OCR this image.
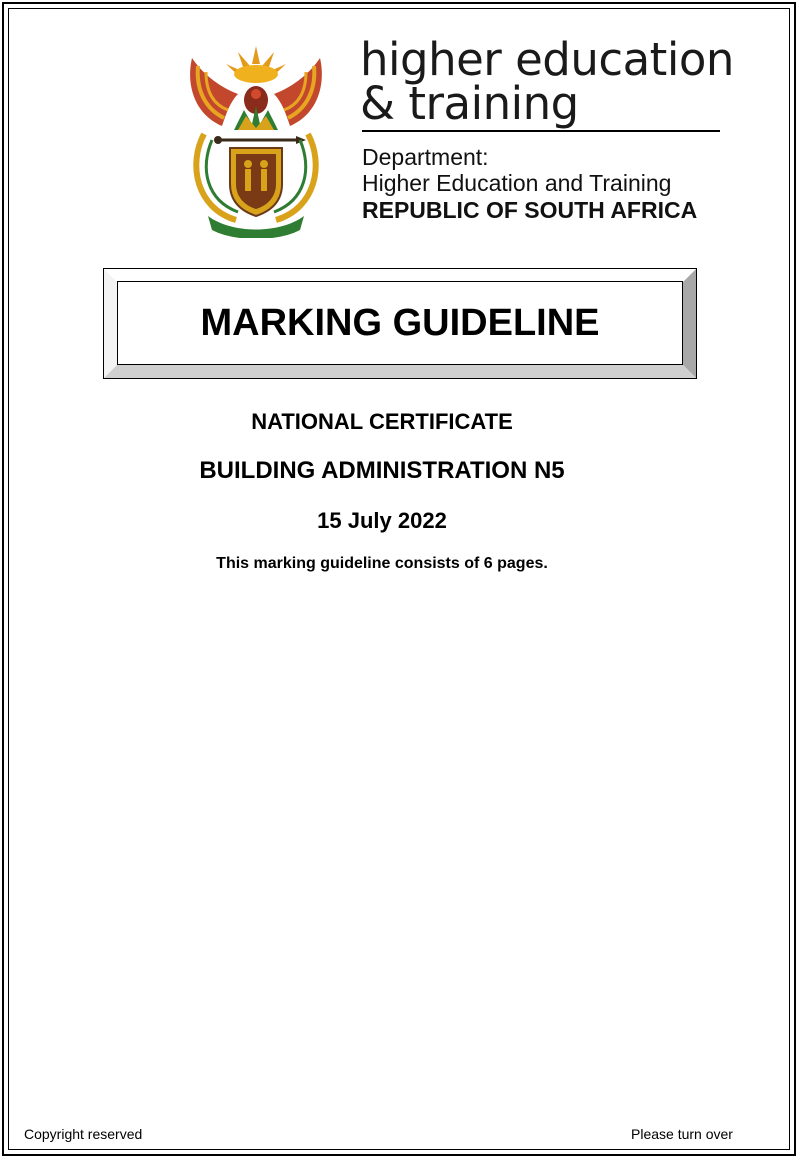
higher education
& training
Department:
Higher Education and Training
REPUBLIC OF SOUTH AFRICA
MARKING GUIDELINE
NATIONAL CERTIFICATE
BUILDING ADMINISTRATION N5
15 July 2022
This marking guideline consists of 6 pages.
Copyright reserved	Please turn over
